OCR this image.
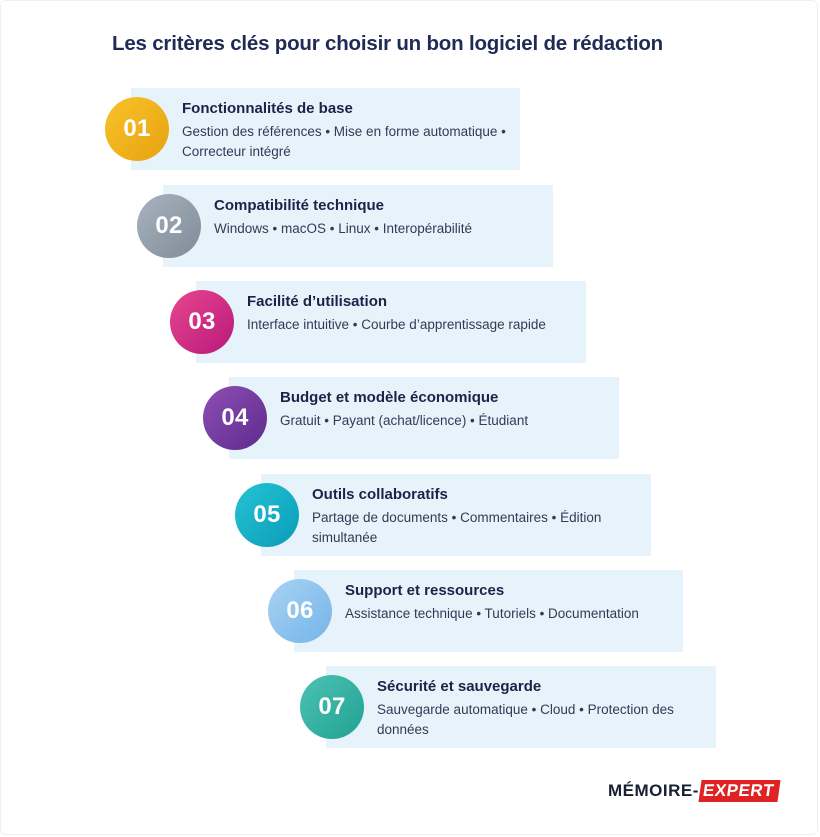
Les critères clés pour choisir un bon logiciel de rédaction
01
Fonctionnalités de base
Gestion des références • Mise en forme automatique • Correcteur intégré
02
Compatibilité technique
Windows • macOS • Linux • Interopérabilité
03
Facilité d’utilisation
Interface intuitive • Courbe d’apprentissage rapide
04
Budget et modèle économique
Gratuit • Payant (achat/licence) • Étudiant
05
Outils collaboratifs
Partage de documents • Commentaires • Édition simultanée
06
Support et ressources
Assistance technique • Tutoriels • Documentation
07
Sécurité et sauvegarde
Sauvegarde automatique • Cloud • Protection des données
MÉMOIRE- EXPERT
